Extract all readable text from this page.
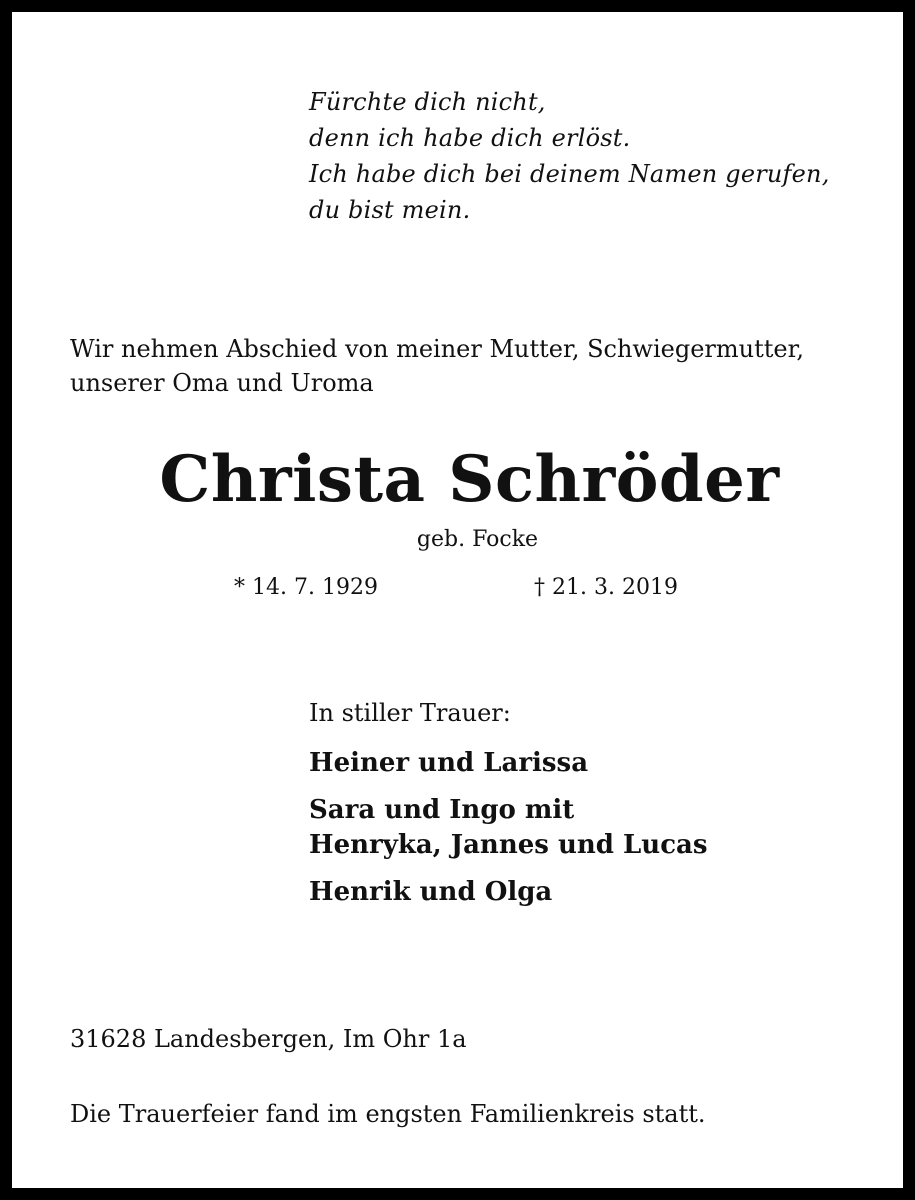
Fürchte dich nicht,
denn ich habe dich erlöst.
Ich habe dich bei deinem Namen gerufen,
du bist mein.
Wir nehmen Abschied von meiner Mutter, Schwiegermutter,
unserer Oma und Uroma
Christa Schröder
geb. Focke
* 14. 7. 1929	† 21. 3. 2019
In stiller Trauer:
Heiner und Larissa
Sara und Ingo mit
Henryka, Jannes und Lucas
Henrik und Olga
31628 Landesbergen, Im Ohr 1a
Die Trauerfeier fand im engsten Familienkreis statt.
